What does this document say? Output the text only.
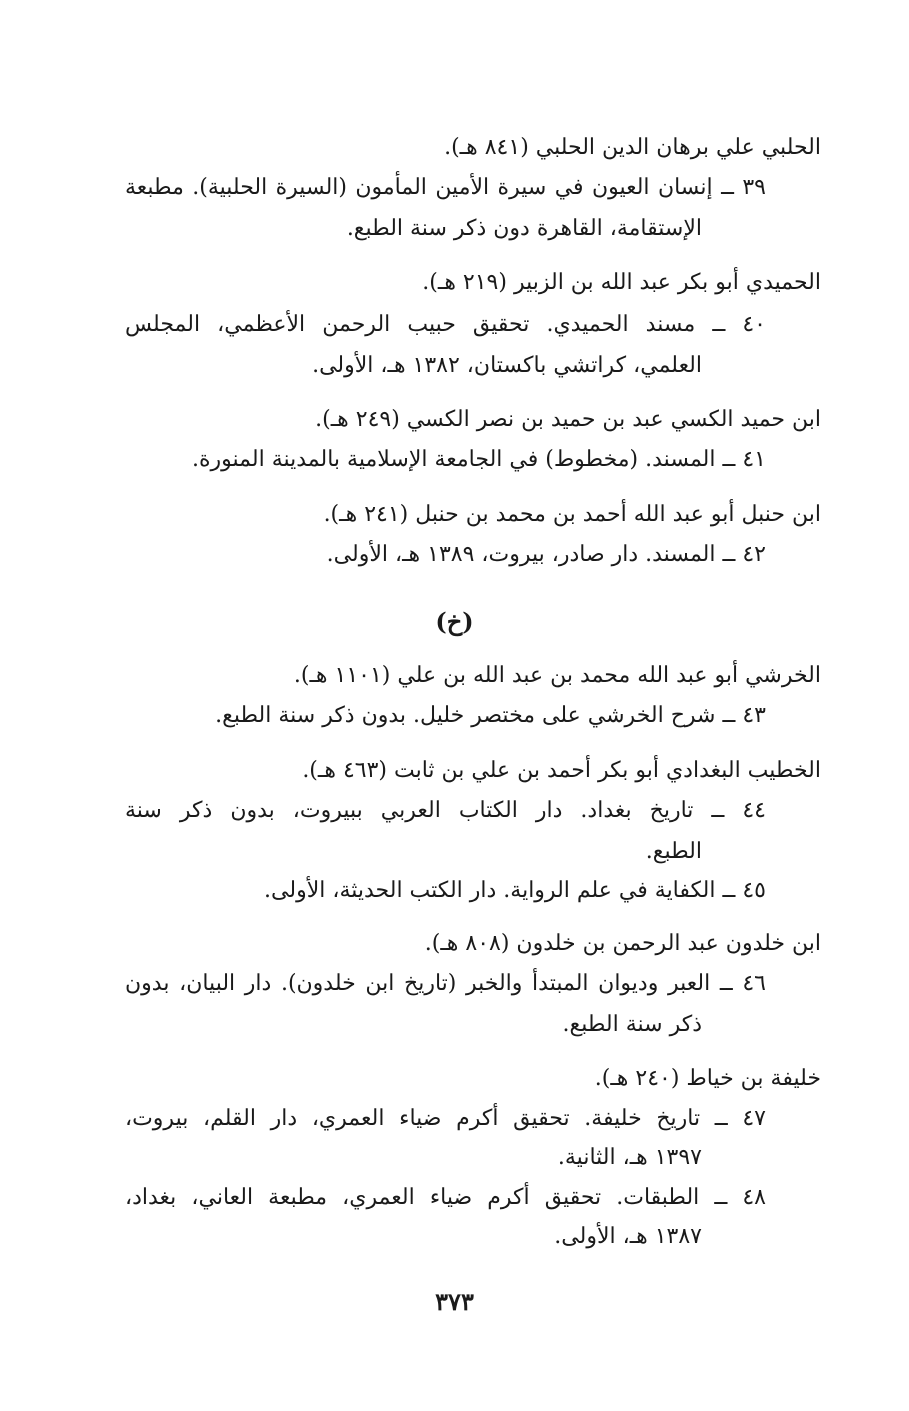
الحلبي علي برهان الدين الحلبي (٨٤١ هـ).
٣٩ ــ إنسان العيون في سيرة الأمين المأمون (السيرة الحلبية). مطبعة
الإستقامة، القاهرة دون ذكر سنة الطبع.
الحميدي أبو بكر عبد الله بن الزبير (٢١٩ هـ).
٤٠ ــ مسند الحميدي. تحقيق حبيب الرحمن الأعظمي، المجلس
العلمي، كراتشي باكستان، ١٣٨٢ هـ، الأولى.
ابن حميد الكسي عبد بن حميد بن نصر الكسي (٢٤٩ هـ).
٤١ ــ المسند. (مخطوط) في الجامعة الإسلامية بالمدينة المنورة.
ابن حنبل أبو عبد الله أحمد بن محمد بن حنبل (٢٤١ هـ).
٤٢ ــ المسند. دار صادر، بيروت، ١٣٨٩ هـ، الأولى.
(خ)
الخرشي أبو عبد الله محمد بن عبد الله بن علي (١١٠١ هـ).
٤٣ ــ شرح الخرشي على مختصر خليل. بدون ذكر سنة الطبع.
الخطيب البغدادي أبو بكر أحمد بن علي بن ثابت (٤٦٣ هـ).
٤٤ ــ تاريخ بغداد. دار الكتاب العربي ببيروت، بدون ذكر سنة
الطبع.
٤٥ ــ الكفاية في علم الرواية. دار الكتب الحديثة، الأولى.
ابن خلدون عبد الرحمن بن خلدون (٨٠٨ هـ).
٤٦ ــ العبر وديوان المبتدأ والخبر (تاريخ ابن خلدون). دار البيان، بدون
ذكر سنة الطبع.
خليفة بن خياط (٢٤٠ هـ).
٤٧ ــ تاريخ خليفة. تحقيق أكرم ضياء العمري، دار القلم، بيروت،
١٣٩٧ هـ، الثانية.
٤٨ ــ الطبقات. تحقيق أكرم ضياء العمري، مطبعة العاني، بغداد،
١٣٨٧ هـ، الأولى.
٣٧٣
